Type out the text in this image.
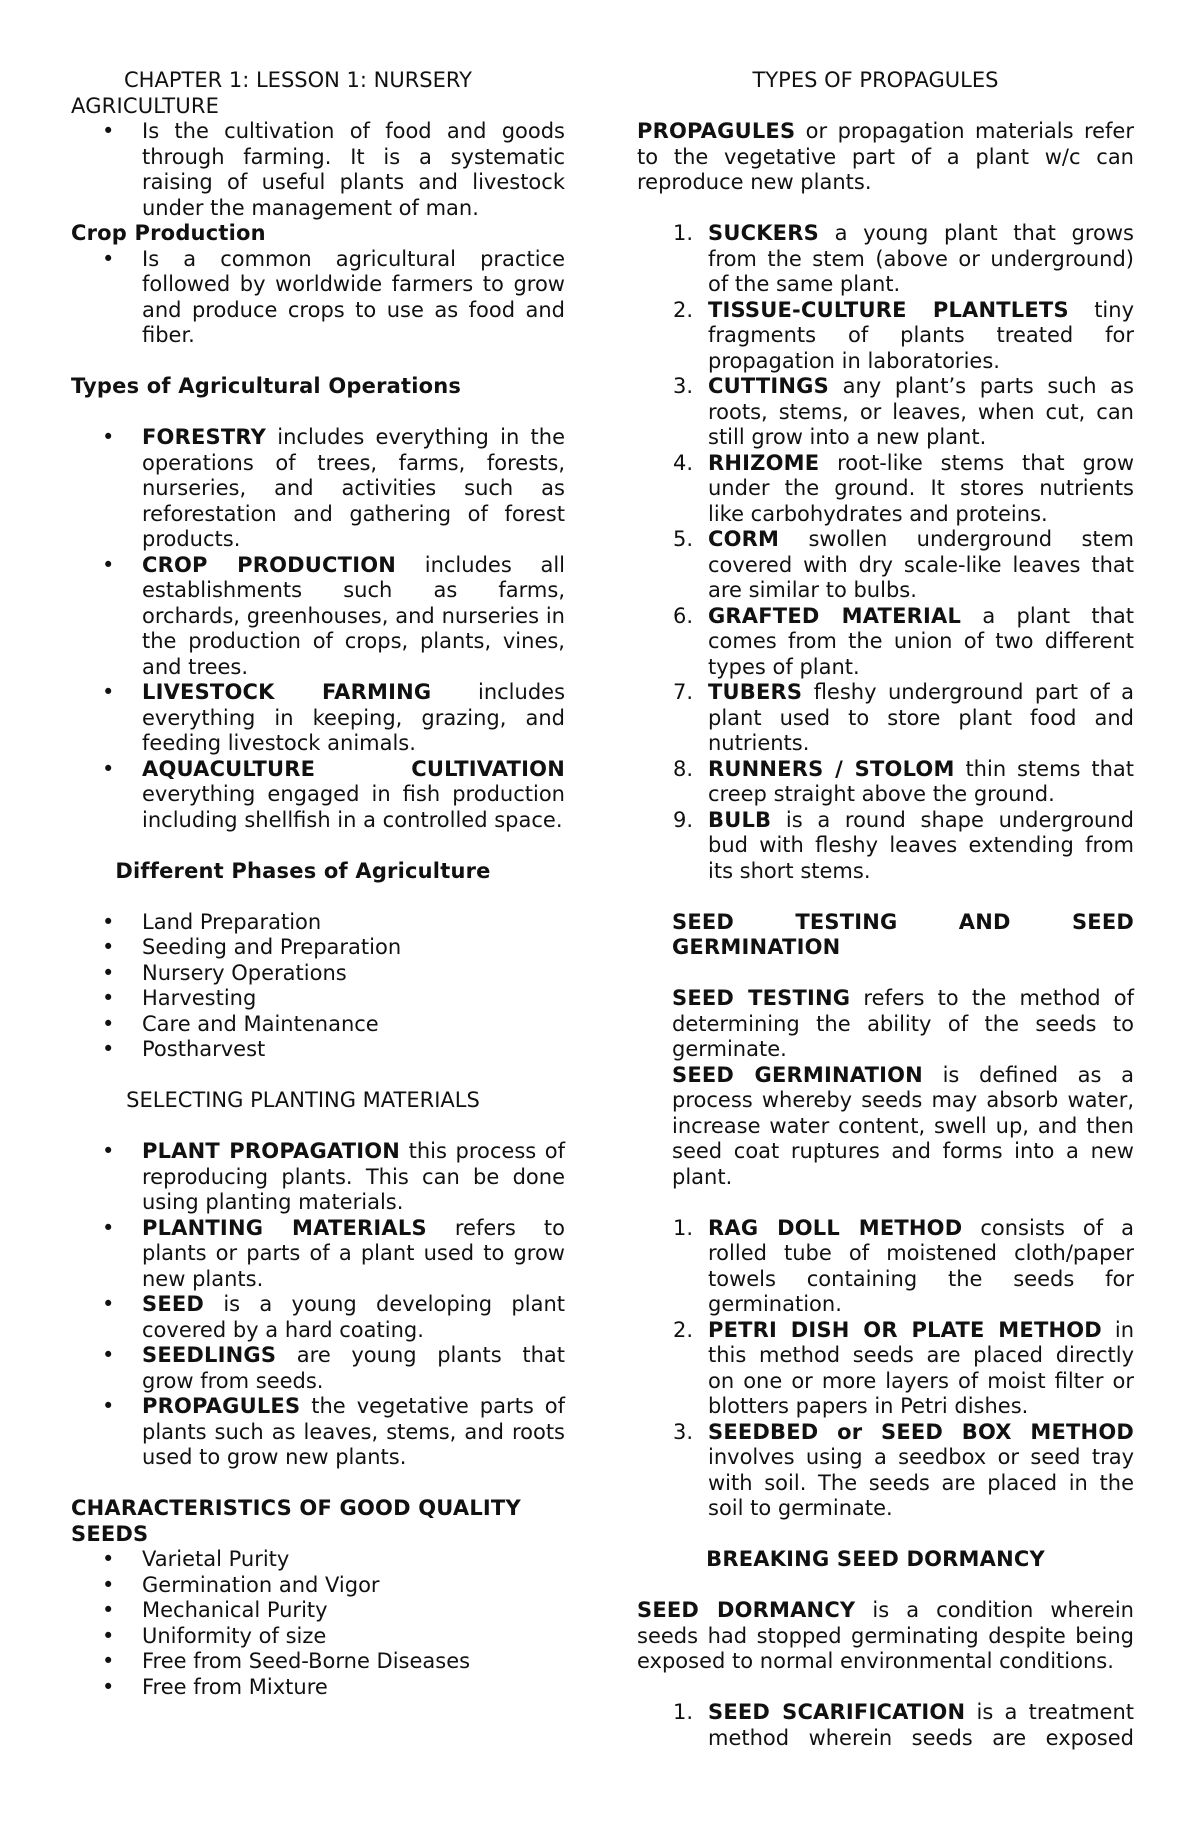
CHAPTER 1: LESSON 1: NURSERY

AGRICULTURE

• Is the cultivation of food and goods through farming. It is a systematic raising of useful plants and livestock under the management of man.

Crop Production

• Is a common agricultural practice followed by worldwide farmers to grow and produce crops to use as food and fiber.

Types of Agricultural Operations

• FORESTRY includes everything in the operations of trees, farms, forests, nurseries, and activities such as reforestation and gathering of forest products.
• CROP PRODUCTION includes all establishments such as farms, orchards, greenhouses, and nurseries in the production of crops, plants, vines, and trees.
• LIVESTOCK FARMING includes everything in keeping, grazing, and feeding livestock animals.
• AQUACULTURE CULTIVATION everything engaged in fish production including shellfish in a controlled space.

Different Phases of Agriculture

• Land Preparation
• Seeding and Preparation
• Nursery Operations
• Harvesting
• Care and Maintenance
• Postharvest

SELECTING PLANTING MATERIALS

• PLANT PROPAGATION this process of reproducing plants. This can be done using planting materials.
• PLANTING MATERIALS refers to plants or parts of a plant used to grow new plants.
• SEED is a young developing plant covered by a hard coating.
• SEEDLINGS are young plants that grow from seeds.
• PROPAGULES the vegetative parts of plants such as leaves, stems, and roots used to grow new plants.

CHARACTERISTICS OF GOOD QUALITY SEEDS

• Varietal Purity
• Germination and Vigor
• Mechanical Purity
• Uniformity of size
• Free from Seed-Borne Diseases
• Free from Mixture

TYPES OF PROPAGULES

PROPAGULES or propagation materials refer to the vegetative part of a plant w/c can reproduce new plants.

1. SUCKERS a young plant that grows from the stem (above or underground) of the same plant.
2. TISSUE-CULTURE PLANTLETS tiny fragments of plants treated for propagation in laboratories.
3. CUTTINGS any plant’s parts such as roots, stems, or leaves, when cut, can still grow into a new plant.
4. RHIZOME root-like stems that grow under the ground. It stores nutrients like carbohydrates and proteins.
5. CORM swollen underground stem covered with dry scale-like leaves that are similar to bulbs.
6. GRAFTED MATERIAL a plant that comes from the union of two different types of plant.
7. TUBERS fleshy underground part of a plant used to store plant food and nutrients.
8. RUNNERS / STOLOM thin stems that creep straight above the ground.
9. BULB is a round shape underground bud with fleshy leaves extending from its short stems.

SEED TESTING AND SEED GERMINATION

SEED TESTING refers to the method of determining the ability of the seeds to germinate.

SEED GERMINATION is defined as a process whereby seeds may absorb water, increase water content, swell up, and then seed coat ruptures and forms into a new plant.

1. RAG DOLL METHOD consists of a rolled tube of moistened cloth/paper towels containing the seeds for germination.
2. PETRI DISH OR PLATE METHOD in this method seeds are placed directly on one or more layers of moist filter or blotters papers in Petri dishes.
3. SEEDBED or SEED BOX METHOD involves using a seedbox or seed tray with soil. The seeds are placed in the soil to germinate.

BREAKING SEED DORMANCY

SEED DORMANCY is a condition wherein seeds had stopped germinating despite being exposed to normal environmental conditions.

1. SEED SCARIFICATION is a treatment method wherein seeds are exposed
